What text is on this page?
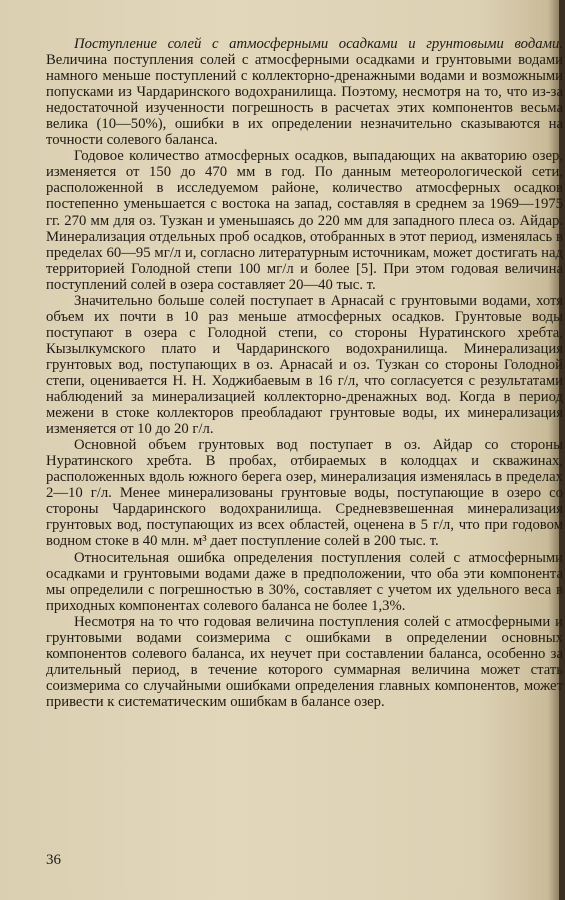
Поступление солей с атмосферными осадками и грунтовыми водами. Величина поступления солей с атмосферными осадками и грунтовыми водами намного меньше поступлений с коллекторно-дренажными водами и возможными попусками из Чардаринского водохранилища. Поэтому, несмотря на то, что из-за недостаточной изученности погрешность в расчетах этих компонентов весьма велика (10—50%), ошибки в их определении незначительно сказываются на точности солевого баланса.

Годовое количество атмосферных осадков, выпадающих на акваторию озер, изменяется от 150 до 470 мм в год. По данным метеорологической сети, расположенной в исследуемом районе, количество атмосферных осадков постепенно уменьшается с востока на запад, составляя в среднем за 1969—1975 гг. 270 мм для оз. Тузкан и уменьшаясь до 220 мм для западного плеса оз. Айдар. Минерализация отдельных проб осадков, отобранных в этот период, изменялась в пределах 60—95 мг/л и, согласно литературным источникам, может достигать над территорией Голодной степи 100 мг/л и более [5]. При этом годовая величина поступлений солей в озера составляет 20—40 тыс. т.

Значительно больше солей поступает в Арнасай с грунтовыми водами, хотя объем их почти в 10 раз меньше атмосферных осадков. Грунтовые воды поступают в озера с Голодной степи, со стороны Нуратинского хребта, Кызылкумского плато и Чардаринского водохранилища. Минерализация грунтовых вод, поступающих в оз. Арнасай и оз. Тузкан со стороны Голодной степи, оценивается Н. Н. Ходжибаевым в 16 г/л, что согласуется с результатами наблюдений за минерализацией коллекторно-дренажных вод. Когда в период межени в стоке коллекторов преобладают грунтовые воды, их минерализация изменяется от 10 до 20 г/л.

Основной объем грунтовых вод поступает в оз. Айдар со стороны Нуратинского хребта. В пробах, отбираемых в колодцах и скважинах, расположенных вдоль южного берега озер, минерализация изменялась в пределах 2—10 г/л. Менее минерализованы грунтовые воды, поступающие в озеро со стороны Чардаринского водохранилища. Средневзвешенная минерализация грунтовых вод, поступающих из всех областей, оценена в 5 г/л, что при годовом водном стоке в 40 млн. м³ дает поступление солей в 200 тыс. т.

Относительная ошибка определения поступления солей с атмосферными осадками и грунтовыми водами даже в предположении, что оба эти компонента мы определили с погрешностью в 30%, составляет с учетом их удельного веса в приходных компонентах солевого баланса не более 1,3%.

Несмотря на то что годовая величина поступления солей с атмосферными и грунтовыми водами соизмерима с ошибками в определении основных компонентов солевого баланса, их неучет при составлении баланса, особенно за длительный период, в течение которого суммарная величина может стать соизмерима со случайными ошибками определения главных компонентов, может привести к систематическим ошибкам в балансе озер.

36
